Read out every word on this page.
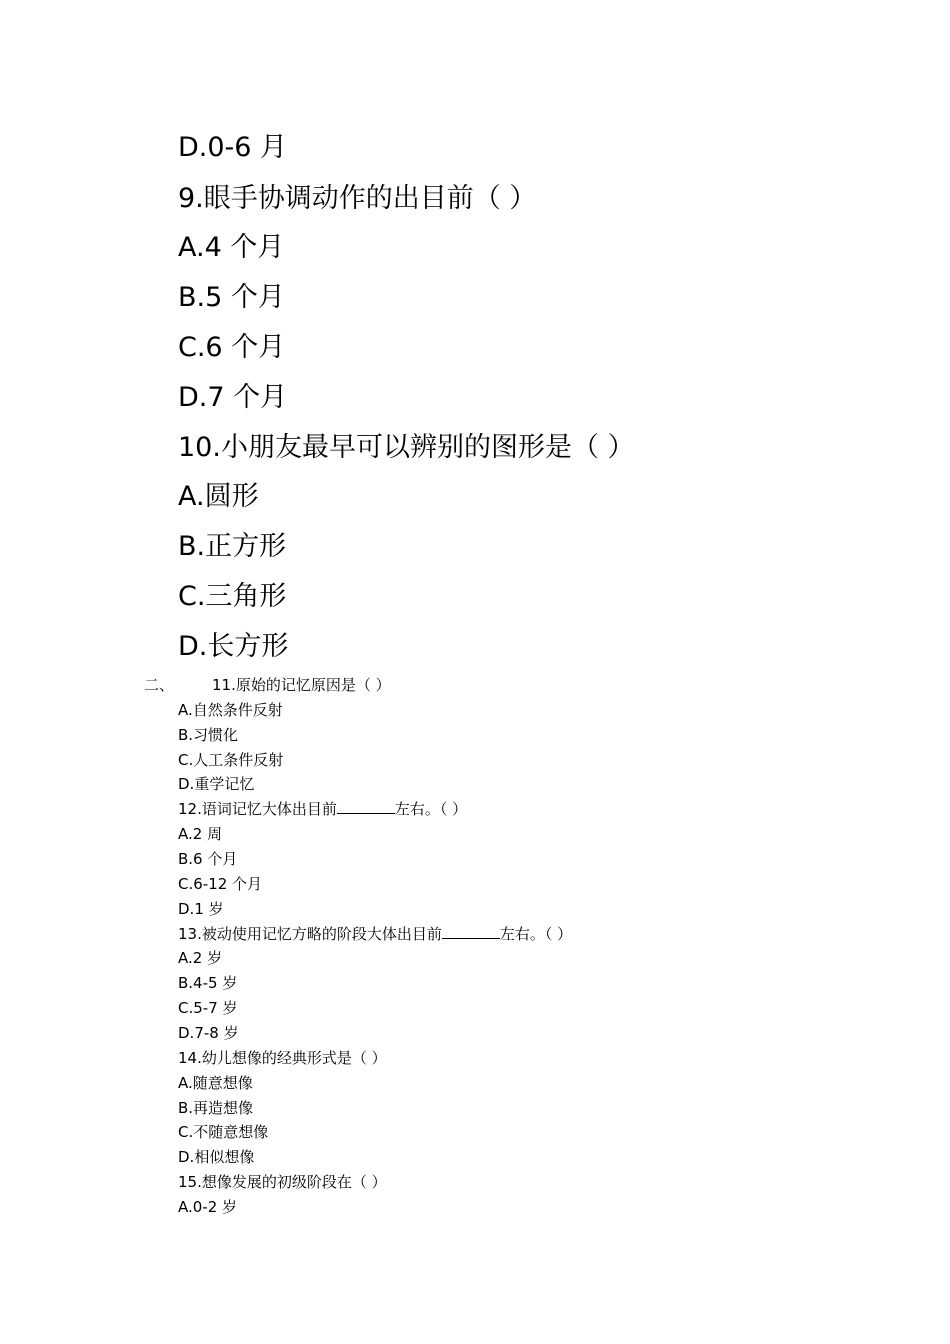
D.0-6 月
9.眼手协调动作的出目前（ ）
A.4 个月
B.5 个月
C.6 个月
D.7 个月
10.小朋友最早可以辨别的图形是（ ）
A.圆形
B.正方形
C.三角形
D.长方形
二、	11.原始的记忆原因是（ ）
A.自然条件反射
B.习惯化
C.人工条件反射
D.重学记忆
12.语词记忆大体出目前	左右。（ ）
A.2 周
B.6 个月
C.6-12 个月
D.1 岁
13.被动使用记忆方略的阶段大体出目前	左右。（ ）
A.2 岁
B.4-5 岁
C.5-7 岁
D.7-8 岁
14.幼儿想像的经典形式是（ ）
A.随意想像
B.再造想像
C.不随意想像
D.相似想像
15.想像发展的初级阶段在（ ）
A.0-2 岁
